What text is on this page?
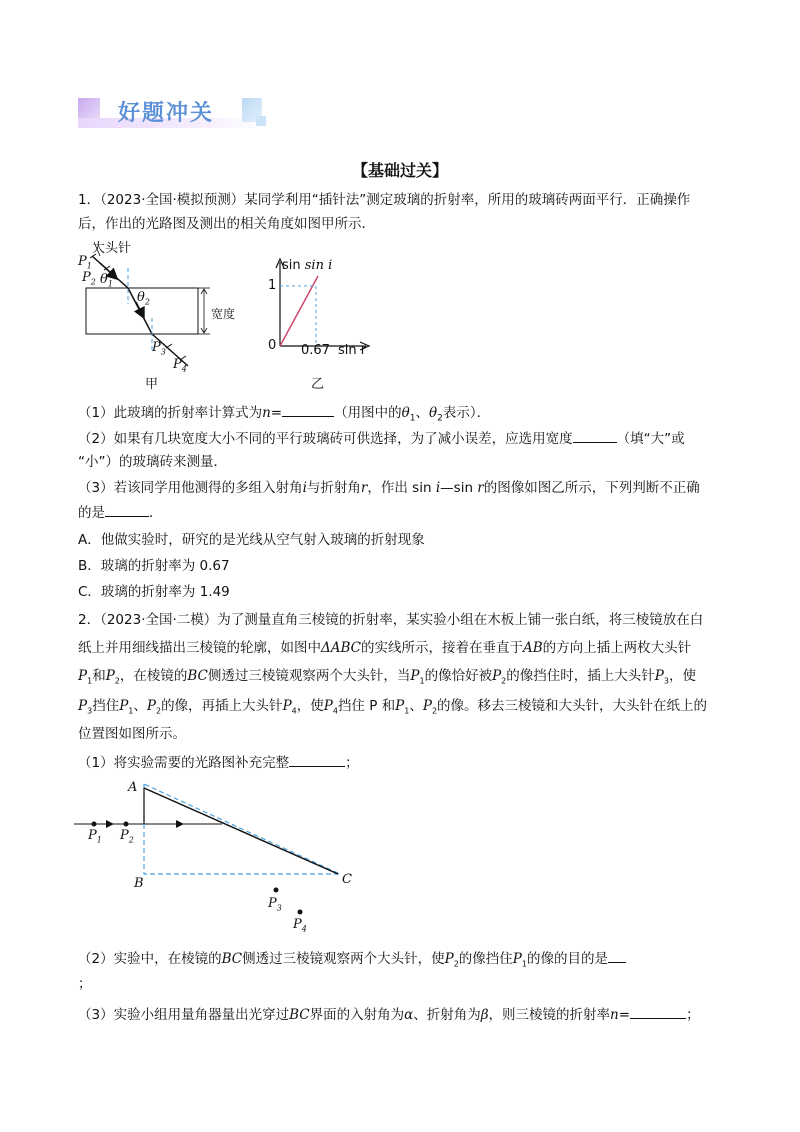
好题冲关
【基础过关】
1．（2023·全国·模拟预测）某同学利用“插针法”测定玻璃的折射率，所用的玻璃砖两面平行．正确操作
后，作出的光路图及测出的相关角度如图甲所示．
大头针
宽度
$P_1$
$P_2$ $\theta_1$
$\theta_2$
$P_3$
$P_4$
甲
sin sin i
1
0 0.67 sin r
乙
（1）此玻璃的折射率计算式为n=	（用图中的$\theta_1$、$\theta_2$表示）．
（2）如果有几块宽度大小不同的平行玻璃砖可供选择，为了减小误差，应选用宽度	（填“大”或
“小”）的玻璃砖来测量．
（3）若该同学用他测得的多组入射角i与折射角r，作出 sin i—sin r的图像如图乙所示，下列判断不正确
的是	．
A．他做实验时，研究的是光线从空气射入玻璃的折射现象
B．玻璃的折射率为 0.67
C．玻璃的折射率为 1.49
2．（2023·全国·二模）为了测量直角三棱镜的折射率，某实验小组在木板上铺一张白纸，将三棱镜放在白
纸上并用细线描出三棱镜的轮廓，如图中ΔABC的实线所示，接着在垂直于AB的方向上插上两枚大头针
$P_1$和$P_2$，在棱镜的BC侧透过三棱镜观察两个大头针，当$P_1$的像恰好被$P_2$的像挡住时，插上大头针$P_3$，使
$P_3$挡住$P_1$、$P_2$的像，再插上大头针$P_4$，使$P_4$挡住 P 和$P_1$、$P_2$的像。移去三棱镜和大头针，大头针在纸上的
位置图如图所示。
（1）将实验需要的光路图补充完整	；
A
B	C
$P_1$ $P_2$
$P_3$
$P_4$
（2）实验中，在棱镜的BC侧透过三棱镜观察两个大头针，使$P_2$的像挡住$P_1$的像的目的是
；
（3）实验小组用量角器量出光穿过BC界面的入射角为α、折射角为β，则三棱镜的折射率n=	；
